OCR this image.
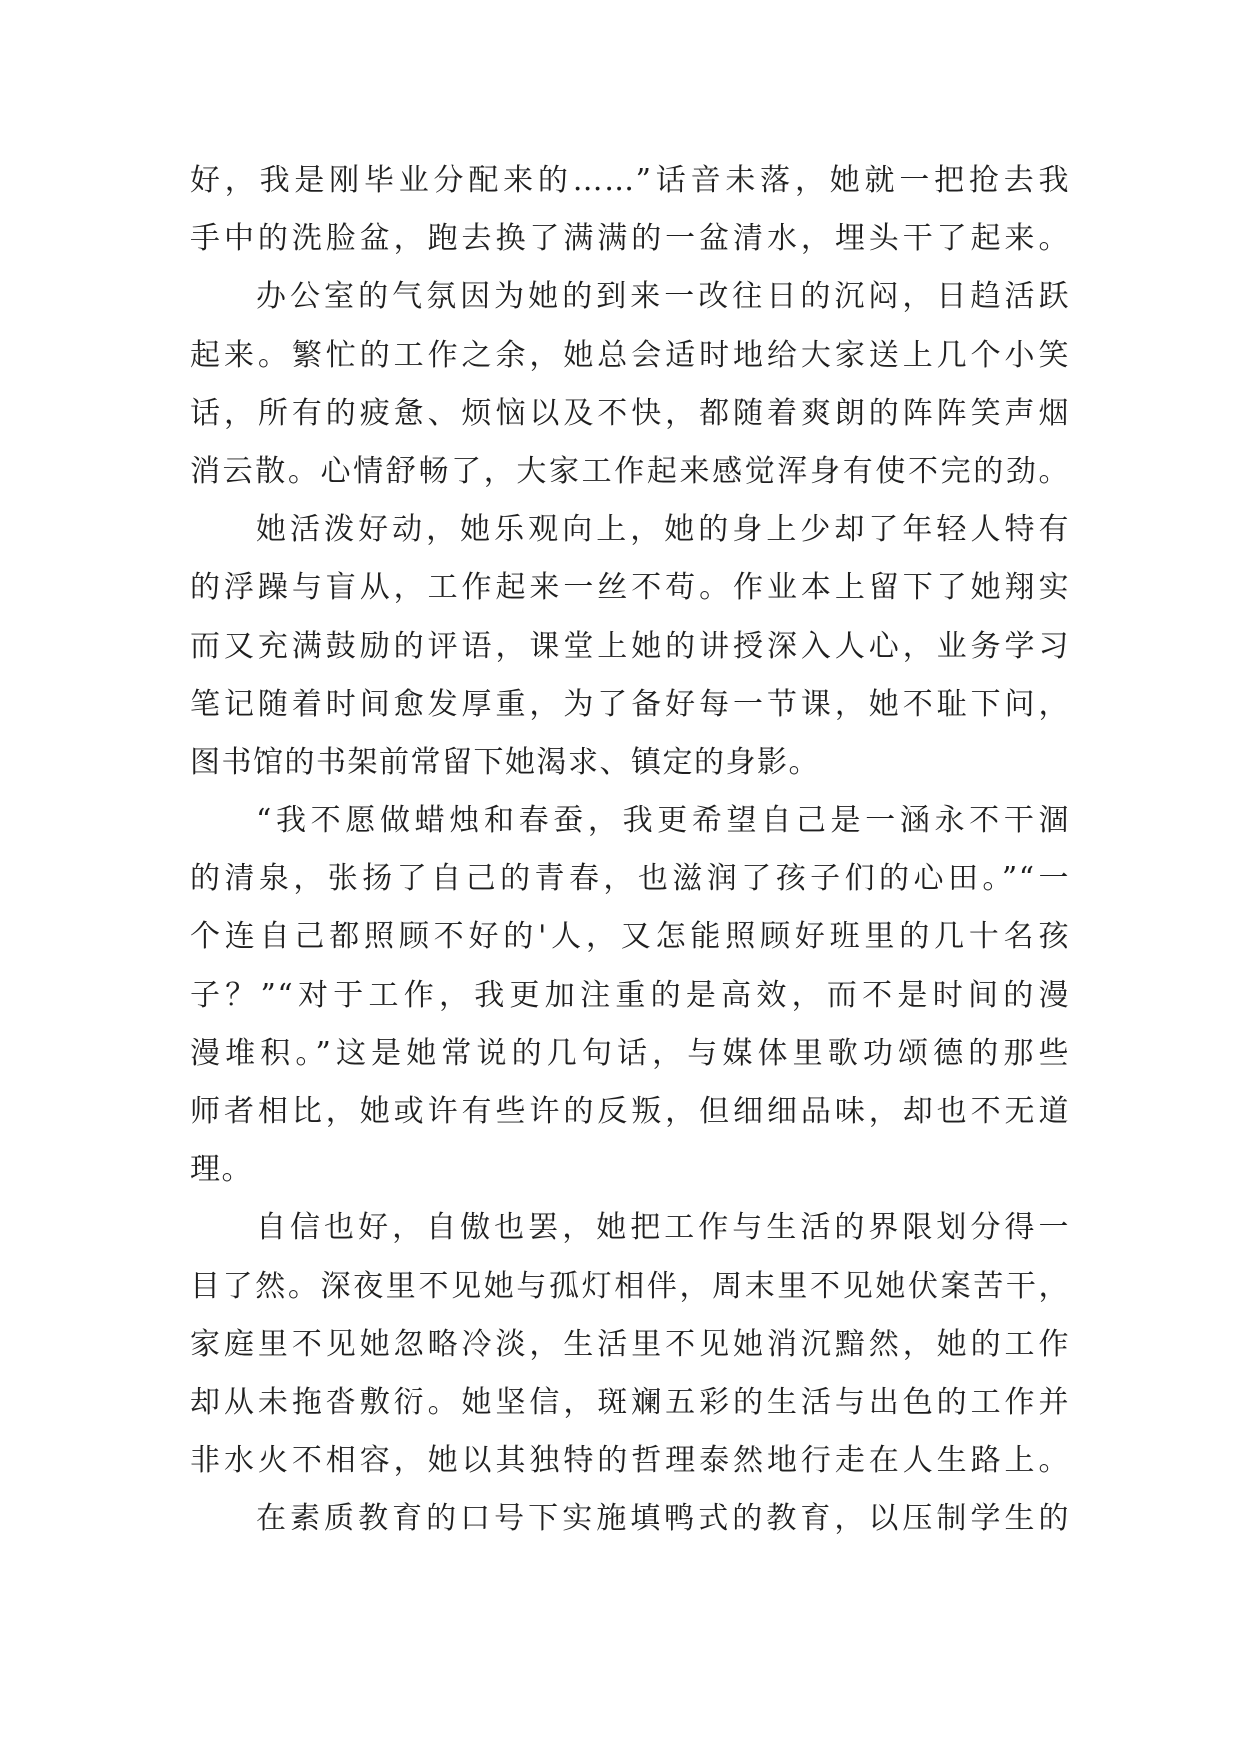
好，我是刚毕业分配来的……”话音未落，她就一把抢去我
手中的洗脸盆，跑去换了满满的一盆清水，埋头干了起来。
办公室的气氛因为她的到来一改往日的沉闷，日趋活跃
起来。繁忙的工作之余，她总会适时地给大家送上几个小笑
话，所有的疲惫、烦恼以及不快，都随着爽朗的阵阵笑声烟
消云散。心情舒畅了，大家工作起来感觉浑身有使不完的劲。
她活泼好动，她乐观向上，她的身上少却了年轻人特有
的浮躁与盲从，工作起来一丝不苟。作业本上留下了她翔实
而又充满鼓励的评语，课堂上她的讲授深入人心，业务学习
笔记随着时间愈发厚重，为了备好每一节课，她不耻下问，
图书馆的书架前常留下她渴求、镇定的身影。
“我不愿做蜡烛和春蚕，我更希望自己是一涵永不干涸
的清泉，张扬了自己的青春，也滋润了孩子们的心田。”“一
个连自己都照顾不好的'人，又怎能照顾好班里的几十名孩
子？”“对于工作，我更加注重的是高效，而不是时间的漫
漫堆积。”这是她常说的几句话，与媒体里歌功颂德的那些
师者相比，她或许有些许的反叛，但细细品味，却也不无道
理。
自信也好，自傲也罢，她把工作与生活的界限划分得一
目了然。深夜里不见她与孤灯相伴，周末里不见她伏案苦干，
家庭里不见她忽略冷淡，生活里不见她消沉黯然，她的工作
却从未拖沓敷衍。她坚信，斑斓五彩的生活与出色的工作并
非水火不相容，她以其独特的哲理泰然地行走在人生路上。
在素质教育的口号下实施填鸭式的教育，以压制学生的
